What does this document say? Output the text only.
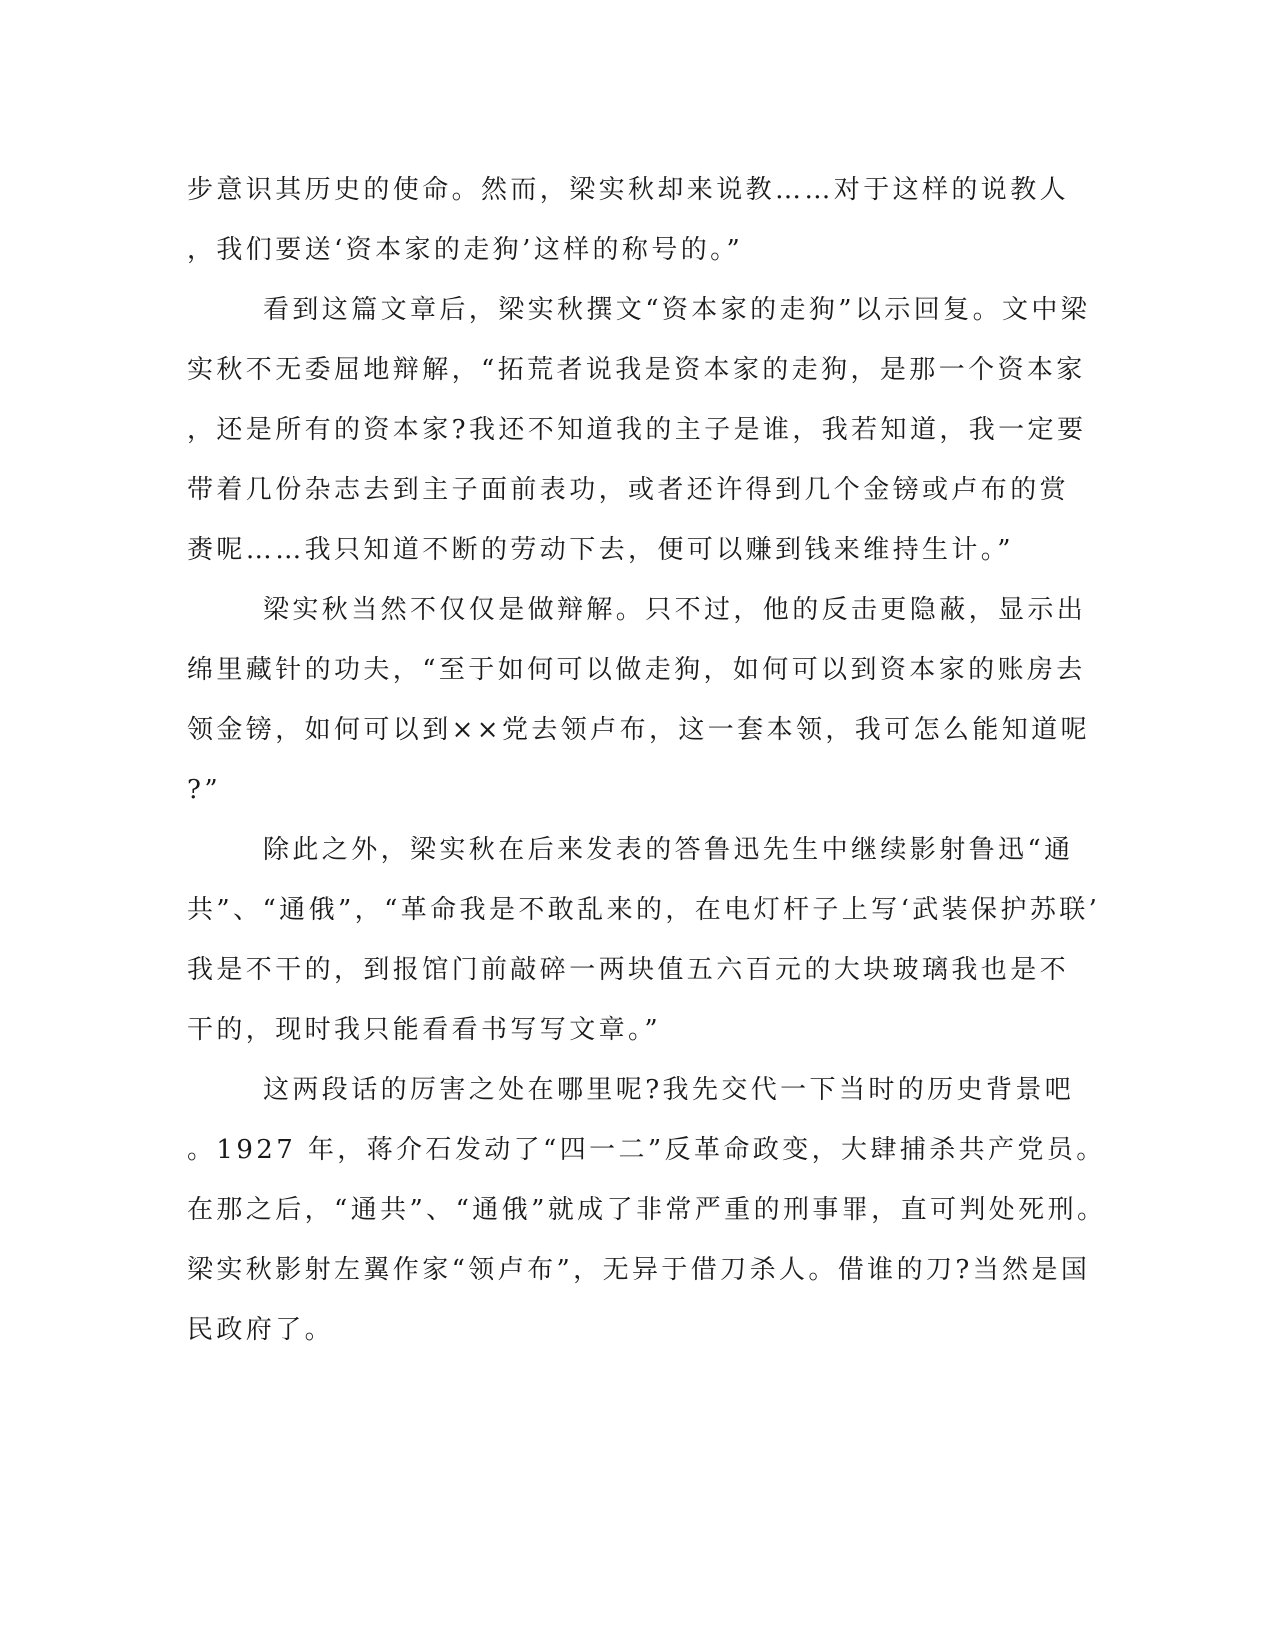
步意识其历史的使命。然而，梁实秋却来说教……对于这样的说教人
，我们要送‘资本家的走狗’这样的称号的。”
看到这篇文章后，梁实秋撰文“资本家的走狗”以示回复。文中梁
实秋不无委屈地辩解，“拓荒者说我是资本家的走狗，是那一个资本家
，还是所有的资本家?我还不知道我的主子是谁，我若知道，我一定要
带着几份杂志去到主子面前表功，或者还许得到几个金镑或卢布的赏
赉呢……我只知道不断的劳动下去，便可以赚到钱来维持生计。”
梁实秋当然不仅仅是做辩解。只不过，他的反击更隐蔽，显示出
绵里藏针的功夫，“至于如何可以做走狗，如何可以到资本家的账房去
领金镑，如何可以到××党去领卢布，这一套本领，我可怎么能知道呢
?”
除此之外，梁实秋在后来发表的答鲁迅先生中继续影射鲁迅“通
共”、“通俄”，“革命我是不敢乱来的，在电灯杆子上写‘武装保护苏联’
我是不干的，到报馆门前敲碎一两块值五六百元的大块玻璃我也是不
干的，现时我只能看看书写写文章。”
这两段话的厉害之处在哪里呢?我先交代一下当时的历史背景吧
。1927 年，蒋介石发动了“四一二”反革命政变，大肆捕杀共产党员。
在那之后，“通共”、“通俄”就成了非常严重的刑事罪，直可判处死刑。
梁实秋影射左翼作家“领卢布”，无异于借刀杀人。借谁的刀?当然是国
民政府了。
